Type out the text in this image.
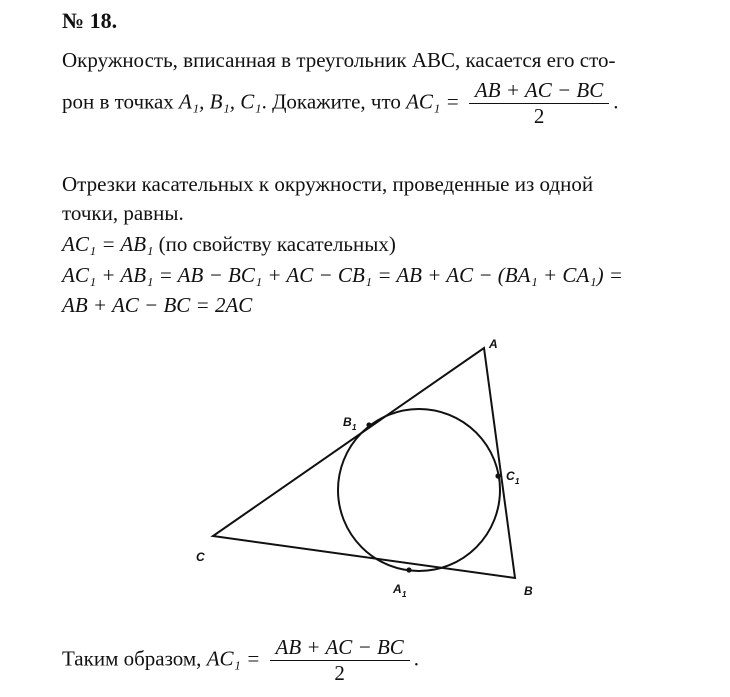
№ 18.
Окружность, вписанная в треугольник ABC, касается его сто-
рон в точках A₁, B₁, C₁. Докажите, что $AC_1 = \frac{AB + AC - BC}{2}$ .
Отрезки касательных к окружности, проведенные из одной
точки, равны.
AC₁ = AB₁ (по свойству касательных)
AC₁ + AB₁ = AB − BC₁ + AC − CB₁ = AB + AC − (BA₁ + CA₁) =
AB + AC − BC = 2AC
A
B
C
B 1
C 1
A 1
Таким образом, $AC_1 = \frac{AB + AC - BC}{2}$ .
